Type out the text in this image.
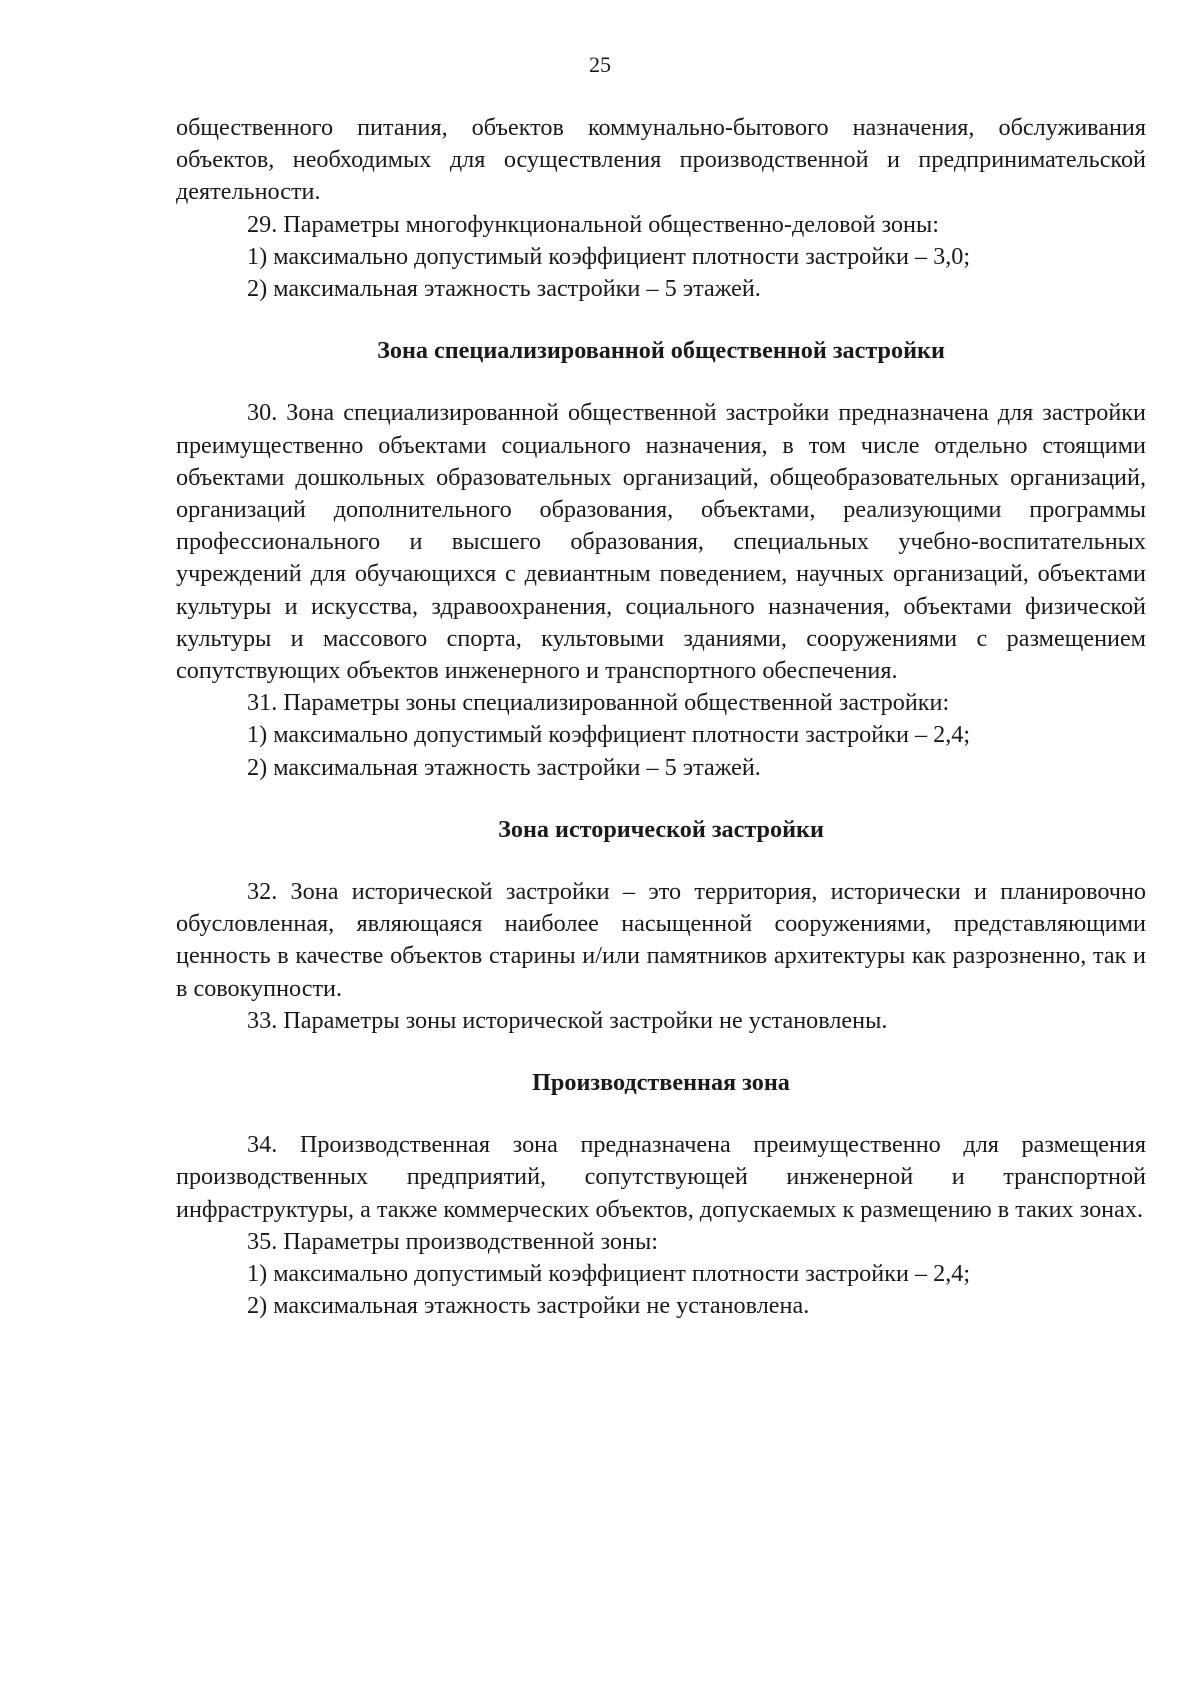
25

общественного питания, объектов коммунально-бытового назначения, обслуживания объектов, необходимых для осуществления производственной и предпринимательской деятельности.

29. Параметры многофункциональной общественно-деловой зоны:

1) максимально допустимый коэффициент плотности застройки – 3,0;

2) максимальная этажность застройки – 5 этажей.

Зона специализированной общественной застройки

30. Зона специализированной общественной застройки предназначена для застройки преимущественно объектами социального назначения, в том числе отдельно стоящими объектами дошкольных образовательных организаций, общеобразовательных организаций, организаций дополнительного образования, объектами, реализующими программы профессионального и высшего образования, специальных учебно-воспитательных учреждений для обучающихся с девиантным поведением, научных организаций, объектами культуры и искусства, здравоохранения, социального назначения, объектами физической культуры и массового спорта, культовыми зданиями, сооружениями с размещением сопутствующих объектов инженерного и транспортного обеспечения.

31. Параметры зоны специализированной общественной застройки:

1) максимально допустимый коэффициент плотности застройки – 2,4;

2) максимальная этажность застройки – 5 этажей.

Зона исторической застройки

32. Зона исторической застройки – это территория, исторически и планировочно обусловленная, являющаяся наиболее насыщенной сооружениями, представляющими ценность в качестве объектов старины и/или памятников архитектуры как разрозненно, так и в совокупности.

33. Параметры зоны исторической застройки не установлены.

Производственная зона

34. Производственная зона предназначена преимущественно для размещения производственных предприятий, сопутствующей инженерной и транспортной инфраструктуры, а также коммерческих объектов, допускаемых к размещению в таких зонах.

35. Параметры производственной зоны:

1) максимально допустимый коэффициент плотности застройки – 2,4;

2) максимальная этажность застройки не установлена.
